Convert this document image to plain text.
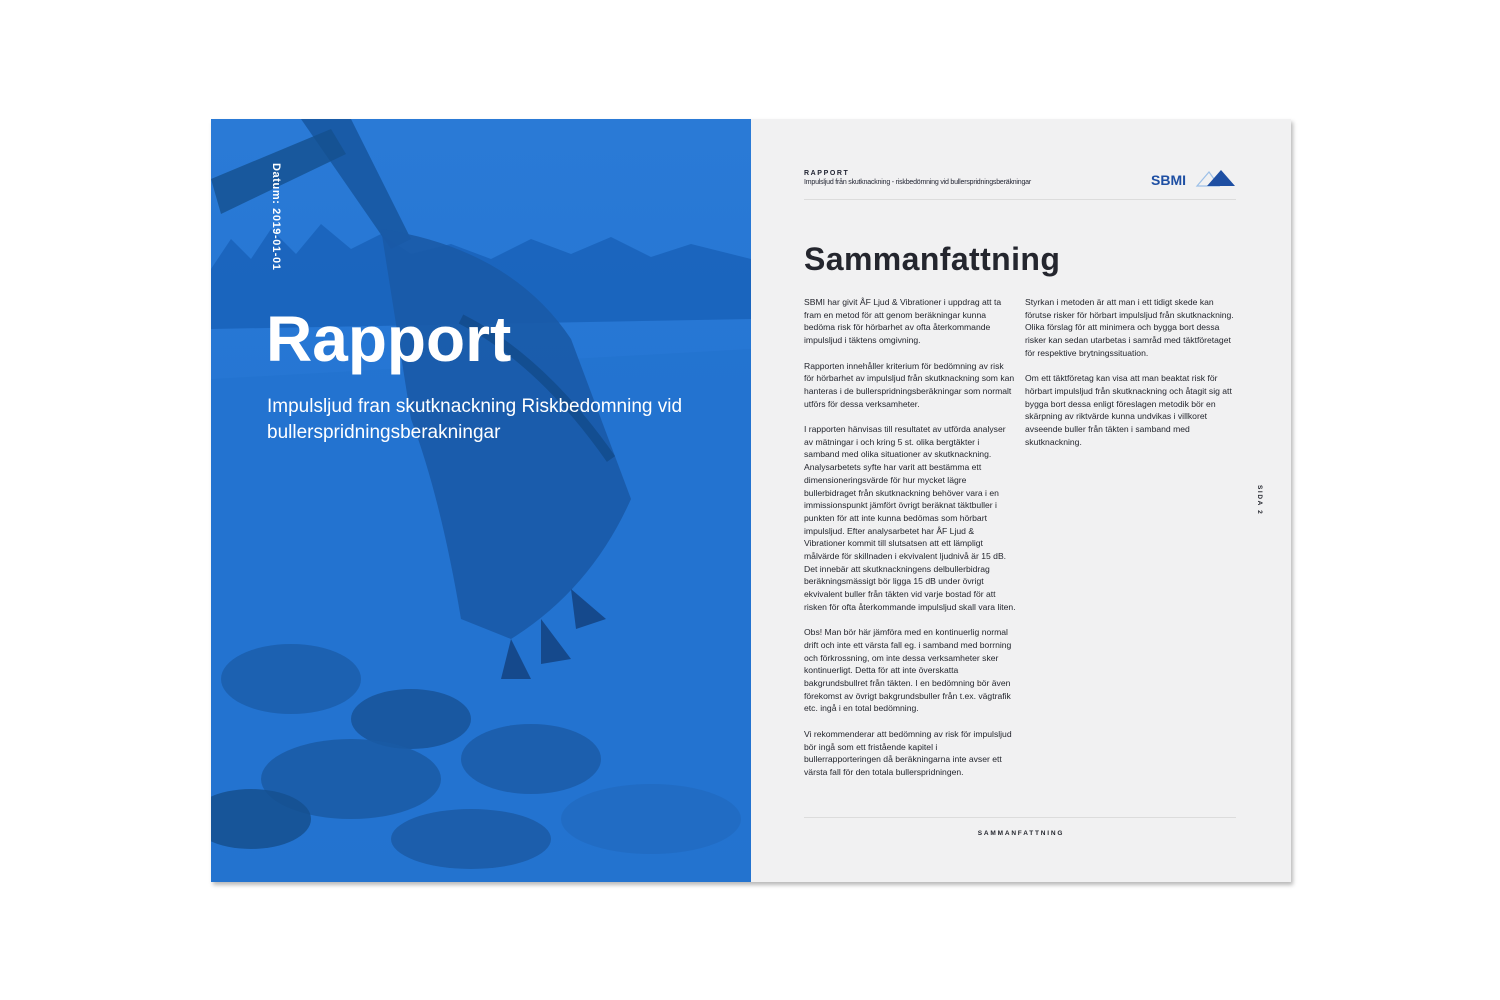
Datum: 2019-01-01
Rapport
Impulsljud fran skutknackning Riskbedomning vid bullerspridningsberakningar
RAPPORT
Impulsljud från skutknackning - riskbedömning vid bullerspridningsberäkningar	SBMI
Sammanfattning

SBMI har givit ÅF Ljud & Vibrationer i uppdrag att ta fram en metod för att genom beräkningar kunna bedöma risk för hörbarhet av ofta återkommande impulsljud i täktens omgivning.

Rapporten innehåller kriterium för bedömning av risk för hörbarhet av impulsljud från skutknackning som kan hanteras i de bullerspridningsberäkningar som normalt utförs för dessa verksamheter.

I rapporten hänvisas till resultatet av utförda analyser av mätningar i och kring 5 st. olika bergtäkter i samband med olika situationer av skutknackning. Analysarbetets syfte har varit att bestämma ett dimensioneringsvärde för hur mycket lägre bullerbidraget från skutknackning behöver vara i en immissionspunkt jämfört övrigt beräknat täktbuller i punkten för att inte kunna bedömas som hörbart impulsljud. Efter analysarbetet har ÅF Ljud & Vibrationer kommit till slutsatsen att ett lämpligt målvärde för skillnaden i ekvivalent ljudnivå är 15 dB. Det innebär att skutknackningens delbullerbidrag beräkningsmässigt bör ligga 15 dB under övrigt ekvivalent buller från täkten vid varje bostad för att risken för ofta återkommande impulsljud skall vara liten.

Obs! Man bör här jämföra med en kontinuerlig normal drift och inte ett värsta fall eg. i samband med borrning och förkrossning, om inte dessa verksamheter sker kontinuerligt. Detta för att inte överskatta bakgrundsbullret från täkten. I en bedömning bör även förekomst av övrigt bakgrundsbuller från t.ex. vägtrafik etc. ingå i en total bedömning.

Vi rekommenderar att bedömning av risk för impulsljud bör ingå som ett fristående kapitel i bullerrapporteringen då beräkningarna inte avser ett värsta fall för den totala bullerspridningen.

Styrkan i metoden är att man i ett tidigt skede kan förutse risker för hörbart impulsljud från skutknackning. Olika förslag för att minimera och bygga bort dessa risker kan sedan utarbetas i samråd med täktföretaget för respektive brytningssituation.

Om ett täktföretag kan visa att man beaktat risk för hörbart impulsljud från skutknackning och åtagit sig att bygga bort dessa enligt föreslagen metodik bör en skärpning av riktvärde kunna undvikas i villkoret avseende buller från täkten i samband med skutknackning.

SIDA 2
SAMMANFATTNING
